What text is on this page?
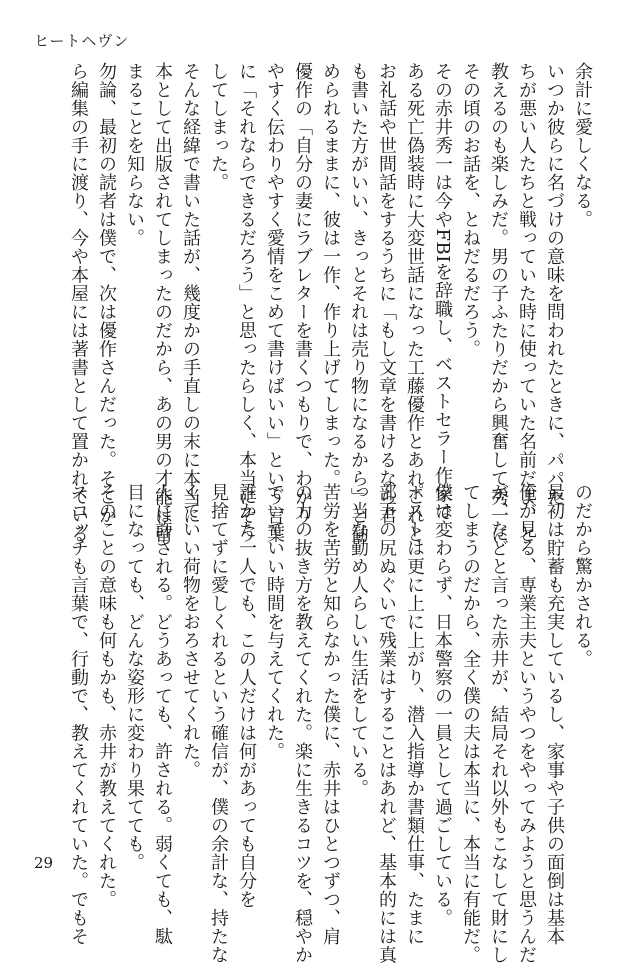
ヒートヘヴン

余計に愛しくなる。

いつか彼らに名づけの意味を問われたときに、パパた

ちが悪い人たちと戦っていた時に使っていた名前だよ、と

教えるのも楽しみだ。男の子ふたりだから興奮して秀一に

その頃のお話を、とねだるだろう。

その赤井秀一は今やFBIを辞職し、ベストセラー作家で

ある死亡偽装時に大変世話になった工藤優作とあれこれと

お礼話や世間話をするうちに「もし文章を書けるなら君

も書いた方がいい、きっとそれは売り物になるから」と勧

められるままに、彼は一作、作り上げてしまった。

優作の「自分の妻にラブレターを書くつもりで、わかり

やすく伝わりやすく愛情をこめて書けばいい」という言葉

に「それならできるだろう」と思ったらしく、本当にそう

してしまった。

そんな経緯で書いた話が、幾度かの手直しの末に本当に

本として出版されてしまったのだから、あの男の才能は留

まることを知らない。

勿論、最初の読者は僕で、次は優作さんだった。そこか

ら編集の手に渡り、今や本屋には著書として置かれている

のだから驚かされる。

最初は貯蓄も充実しているし、家事や子供の面倒は基本

俺が見る、専業主夫というやつをやってみようと思うんだ

が、などと言った赤井が、結局それ以外もこなして財にし

てしまうのだから、全く僕の夫は本当に、本当に有能だ。

僕は変わらず、日本警察の一員として過ごしている。

ポストは更に上に上がり、潜入指導か書類仕事、たまに

部下の尻ぬぐいで残業はすることはあれど、基本的には真

っ当な勤め人らしい生活をしている。

苦労を苦労と知らなかった僕に、赤井はひとつずつ、肩

の力の抜き方を教えてくれた。楽に生きるコツを、穏やか

でいていい時間を与えてくれた。

誰かた一人でも、この人だけは何があっても自分を

見捨てずに愛しくれるという確信が、僕の余計な、持たな

くていい荷物をおろさせてくれた。

人に許される。どうあっても、許される。弱くても、駄

目になっても、どんな姿形に変わり果てても。

そのことの意味も何もかも、赤井が教えてくれた。

スコッチも言葉で、行動で、教えてくれていた。でもそ

29
